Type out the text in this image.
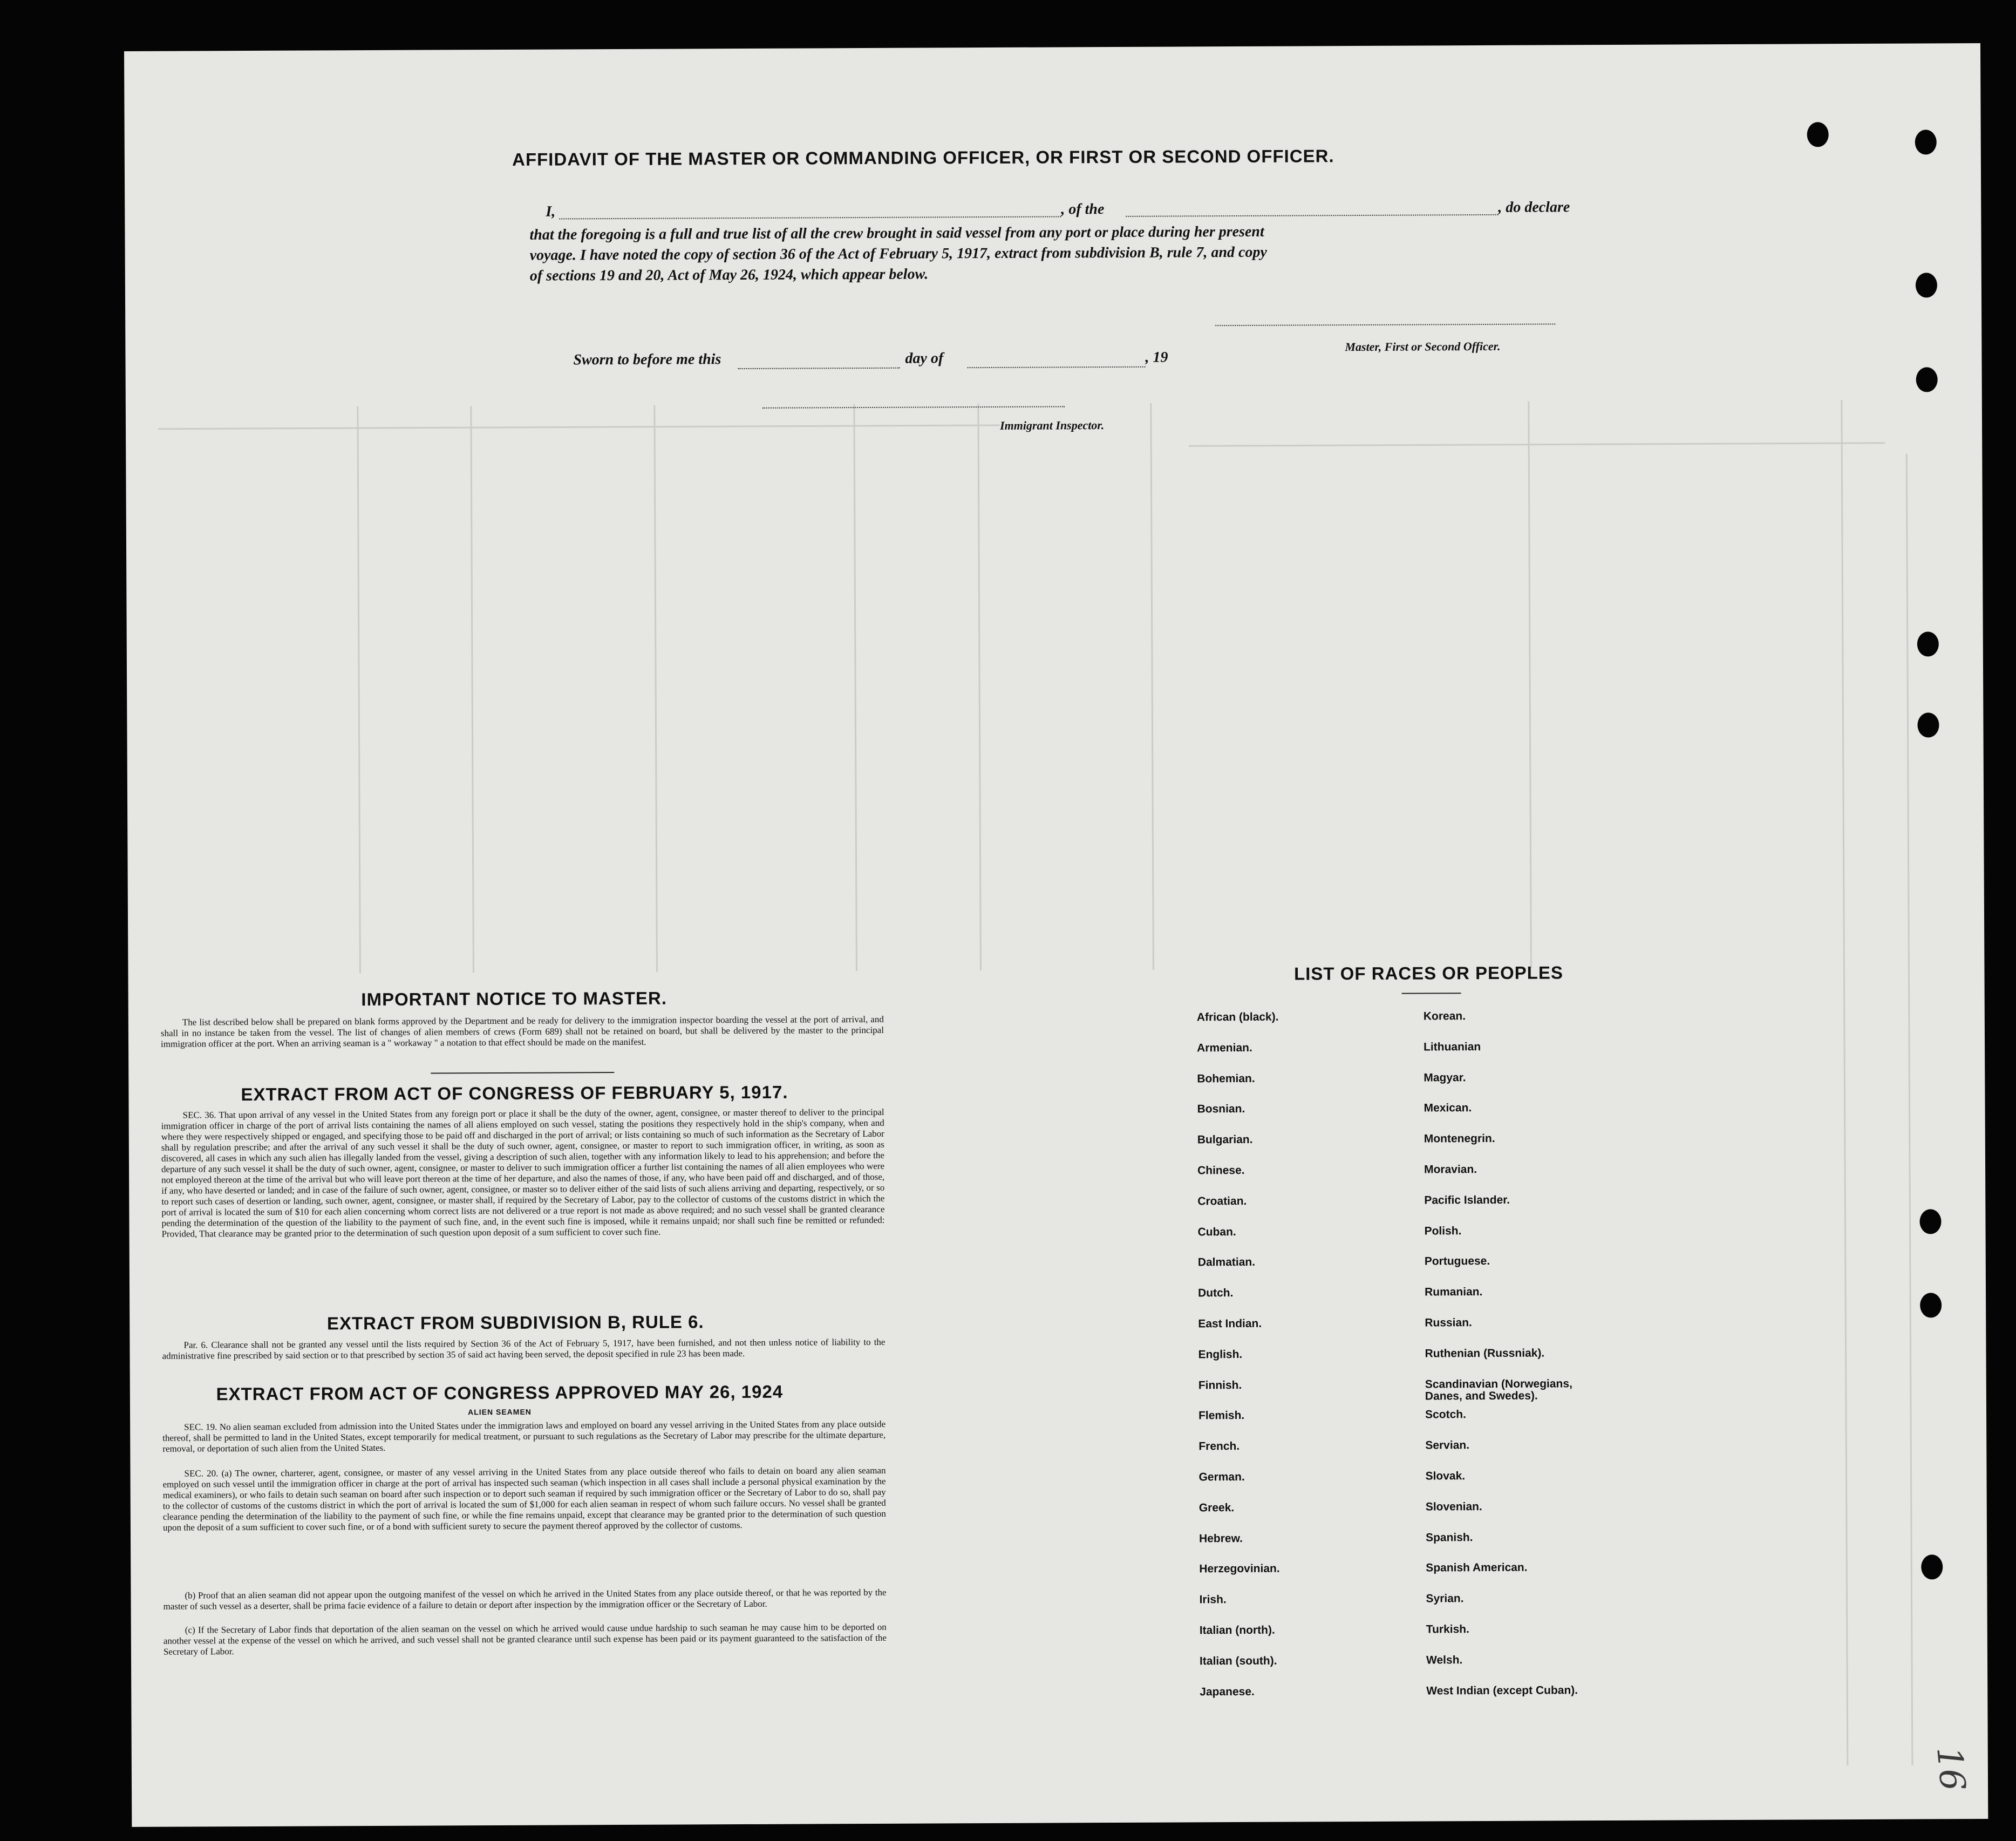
AFFIDAVIT OF THE MASTER OR COMMANDING OFFICER, OR FIRST OR SECOND OFFICER.
I,	, of the	, do declare
that the foregoing is a full and true list of all the crew brought in said vessel from any port or place during her present
voyage. I have noted the copy of section 36 of the Act of February 5, 1917, extract from subdivision B, rule 7, and copy
of sections 19 and 20, Act of May 26, 1924, which appear below.
Master, First or Second Officer.
Sworn to before me this	day of	, 19
Immigrant Inspector.
IMPORTANT NOTICE TO MASTER.
The list described below shall be prepared on blank forms approved by the Department and be ready for delivery to the immigration inspector boarding the vessel at the port of arrival, and shall in no instance be taken from the vessel. The list of changes of alien members of crews (Form 689) shall not be retained on board, but shall be delivered by the master to the principal immigration officer at the port. When an arriving seaman is a " workaway " a notation to that effect should be made on the manifest.
EXTRACT FROM ACT OF CONGRESS OF FEBRUARY 5, 1917.
SEC. 36. That upon arrival of any vessel in the United States from any foreign port or place it shall be the duty of the owner, agent, consignee, or master thereof to deliver to the principal immigration officer in charge of the port of arrival lists containing the names of all aliens employed on such vessel, stating the positions they respectively hold in the ship's company, when and where they were respectively shipped or engaged, and specifying those to be paid off and discharged in the port of arrival; or lists containing so much of such information as the Secretary of Labor shall by regulation prescribe; and after the arrival of any such vessel it shall be the duty of such owner, agent, consignee, or master to report to such immigration officer, in writing, as soon as discovered, all cases in which any such alien has illegally landed from the vessel, giving a description of such alien, together with any information likely to lead to his apprehension; and before the departure of any such vessel it shall be the duty of such owner, agent, consignee, or master to deliver to such immigration officer a further list containing the names of all alien employees who were not employed thereon at the time of the arrival but who will leave port thereon at the time of her departure, and also the names of those, if any, who have been paid off and discharged, and of those, if any, who have deserted or landed; and in case of the failure of such owner, agent, consignee, or master so to deliver either of the said lists of such aliens arriving and departing, respectively, or so to report such cases of desertion or landing, such owner, agent, consignee, or master shall, if required by the Secretary of Labor, pay to the collector of customs of the customs district in which the port of arrival is located the sum of $10 for each alien concerning whom correct lists are not delivered or a true report is not made as above required; and no such vessel shall be granted clearance pending the determination of the question of the liability to the payment of such fine, and, in the event such fine is imposed, while it remains unpaid; nor shall such fine be remitted or refunded: Provided, That clearance may be granted prior to the determination of such question upon deposit of a sum sufficient to cover such fine.
EXTRACT FROM SUBDIVISION B, RULE 6.
Par. 6. Clearance shall not be granted any vessel until the lists required by Section 36 of the Act of February 5, 1917, have been furnished, and not then unless notice of liability to the administrative fine prescribed by said section or to that prescribed by section 35 of said act having been served, the deposit specified in rule 23 has been made.
EXTRACT FROM ACT OF CONGRESS APPROVED MAY 26, 1924
ALIEN SEAMEN
SEC. 19. No alien seaman excluded from admission into the United States under the immigration laws and employed on board any vessel arriving in the United States from any place outside thereof, shall be permitted to land in the United States, except temporarily for medical treatment, or pursuant to such regulations as the Secretary of Labor may prescribe for the ultimate departure, removal, or deportation of such alien from the United States.
SEC. 20. (a) The owner, charterer, agent, consignee, or master of any vessel arriving in the United States from any place outside thereof who fails to detain on board any alien seaman employed on such vessel until the immigration officer in charge at the port of arrival has inspected such seaman (which inspection in all cases shall include a personal physical examination by the medical examiners), or who fails to detain such seaman on board after such inspection or to deport such seaman if required by such immigration officer or the Secretary of Labor to do so, shall pay to the collector of customs of the customs district in which the port of arrival is located the sum of $1,000 for each alien seaman in respect of whom such failure occurs. No vessel shall be granted clearance pending the determination of the liability to the payment of such fine, or while the fine remains unpaid, except that clearance may be granted prior to the determination of such question upon the deposit of a sum sufficient to cover such fine, or of a bond with sufficient surety to secure the payment thereof approved by the collector of customs.
(b) Proof that an alien seaman did not appear upon the outgoing manifest of the vessel on which he arrived in the United States from any place outside thereof, or that he was reported by the master of such vessel as a deserter, shall be prima facie evidence of a failure to detain or deport after inspection by the immigration officer or the Secretary of Labor.
(c) If the Secretary of Labor finds that deportation of the alien seaman on the vessel on which he arrived would cause undue hardship to such seaman he may cause him to be deported on another vessel at the expense of the vessel on which he arrived, and such vessel shall not be granted clearance until such expense has been paid or its payment guaranteed to the satisfaction of the Secretary of Labor.
LIST OF RACES OR PEOPLES
African (black).
Armenian.
Bohemian.
Bosnian.
Bulgarian.
Chinese.
Croatian.
Cuban.
Dalmatian.
Dutch.
East Indian.
English.
Finnish.
Flemish.
French.
German.
Greek.
Hebrew.
Herzegovinian.
Irish.
Italian (north).
Italian (south).
Japanese.
Korean.
Lithuanian
Magyar.
Mexican.
Montenegrin.
Moravian.
Pacific Islander.
Polish.
Portuguese.
Rumanian.
Russian.
Ruthenian (Russniak).
Scandinavian (Norwegians,
Danes, and Swedes).
Scotch.
Servian.
Slovak.
Slovenian.
Spanish.
Spanish American.
Syrian.
Turkish.
Welsh.
West Indian (except Cuban).
16
